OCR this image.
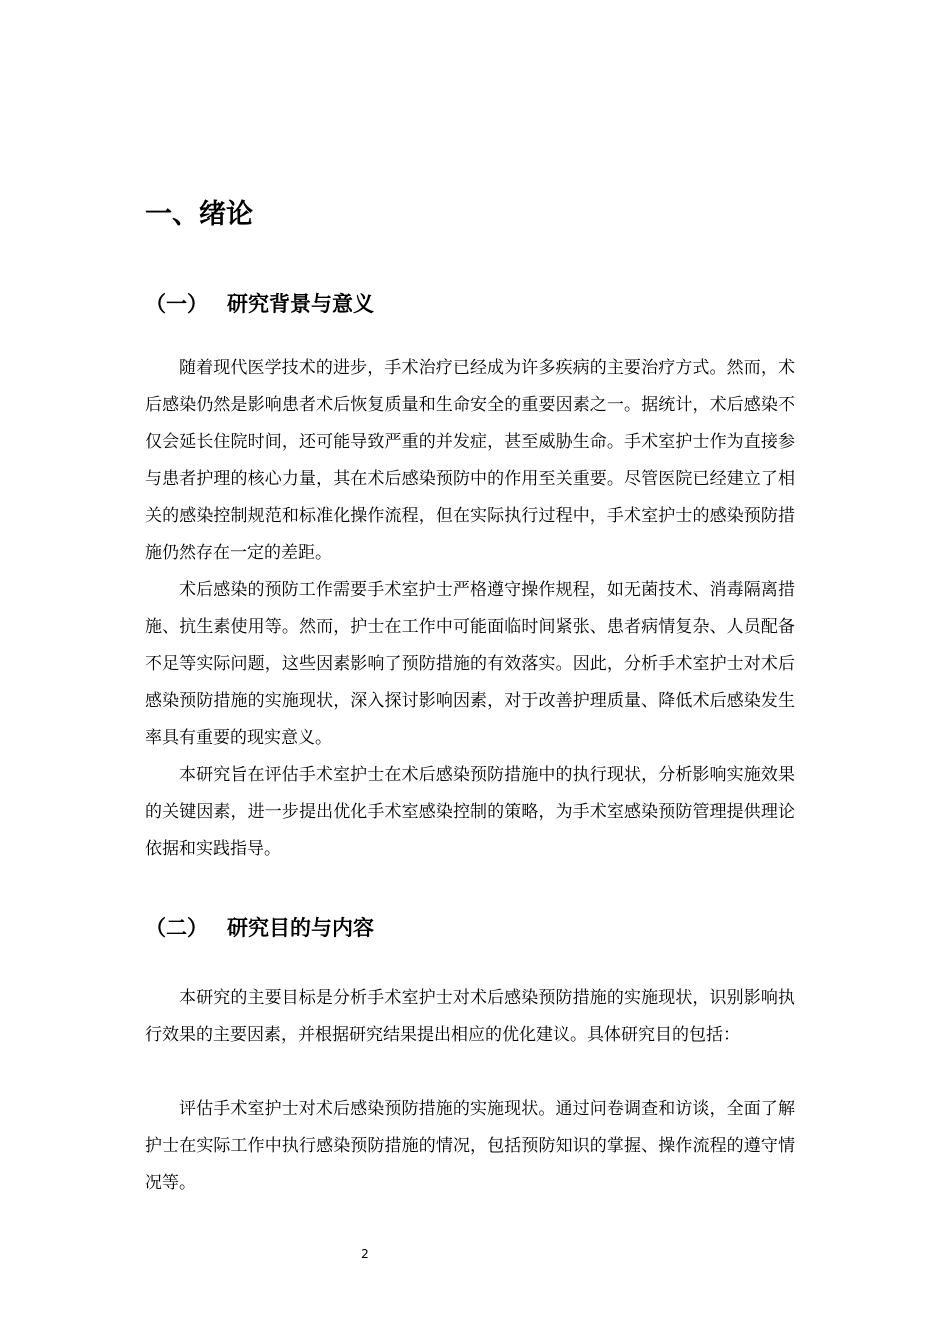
一、绪论
（一） 研究背景与意义

随着现代医学技术的进步，手术治疗已经成为许多疾病的主要治疗方式。然而，术后感染仍然是影响患者术后恢复质量和生命安全的重要因素之一。据统计，术后感染不仅会延长住院时间，还可能导致严重的并发症，甚至威胁生命。手术室护士作为直接参与患者护理的核心力量，其在术后感染预防中的作用至关重要。尽管医院已经建立了相关的感染控制规范和标准化操作流程，但在实际执行过程中，手术室护士的感染预防措施仍然存在一定的差距。

术后感染的预防工作需要手术室护士严格遵守操作规程，如无菌技术、消毒隔离措施、抗生素使用等。然而，护士在工作中可能面临时间紧张、患者病情复杂、人员配备不足等实际问题，这些因素影响了预防措施的有效落实。因此，分析手术室护士对术后感染预防措施的实施现状，深入探讨影响因素，对于改善护理质量、降低术后感染发生率具有重要的现实意义。

本研究旨在评估手术室护士在术后感染预防措施中的执行现状，分析影响实施效果的关键因素，进一步提出优化手术室感染控制的策略，为手术室感染预防管理提供理论依据和实践指导。

（二） 研究目的与内容

本研究的主要目标是分析手术室护士对术后感染预防措施的实施现状，识别影响执行效果的主要因素，并根据研究结果提出相应的优化建议。具体研究目的包括：

评估手术室护士对术后感染预防措施的实施现状。通过问卷调查和访谈，全面了解护士在实际工作中执行感染预防措施的情况，包括预防知识的掌握、操作流程的遵守情况等。

2
